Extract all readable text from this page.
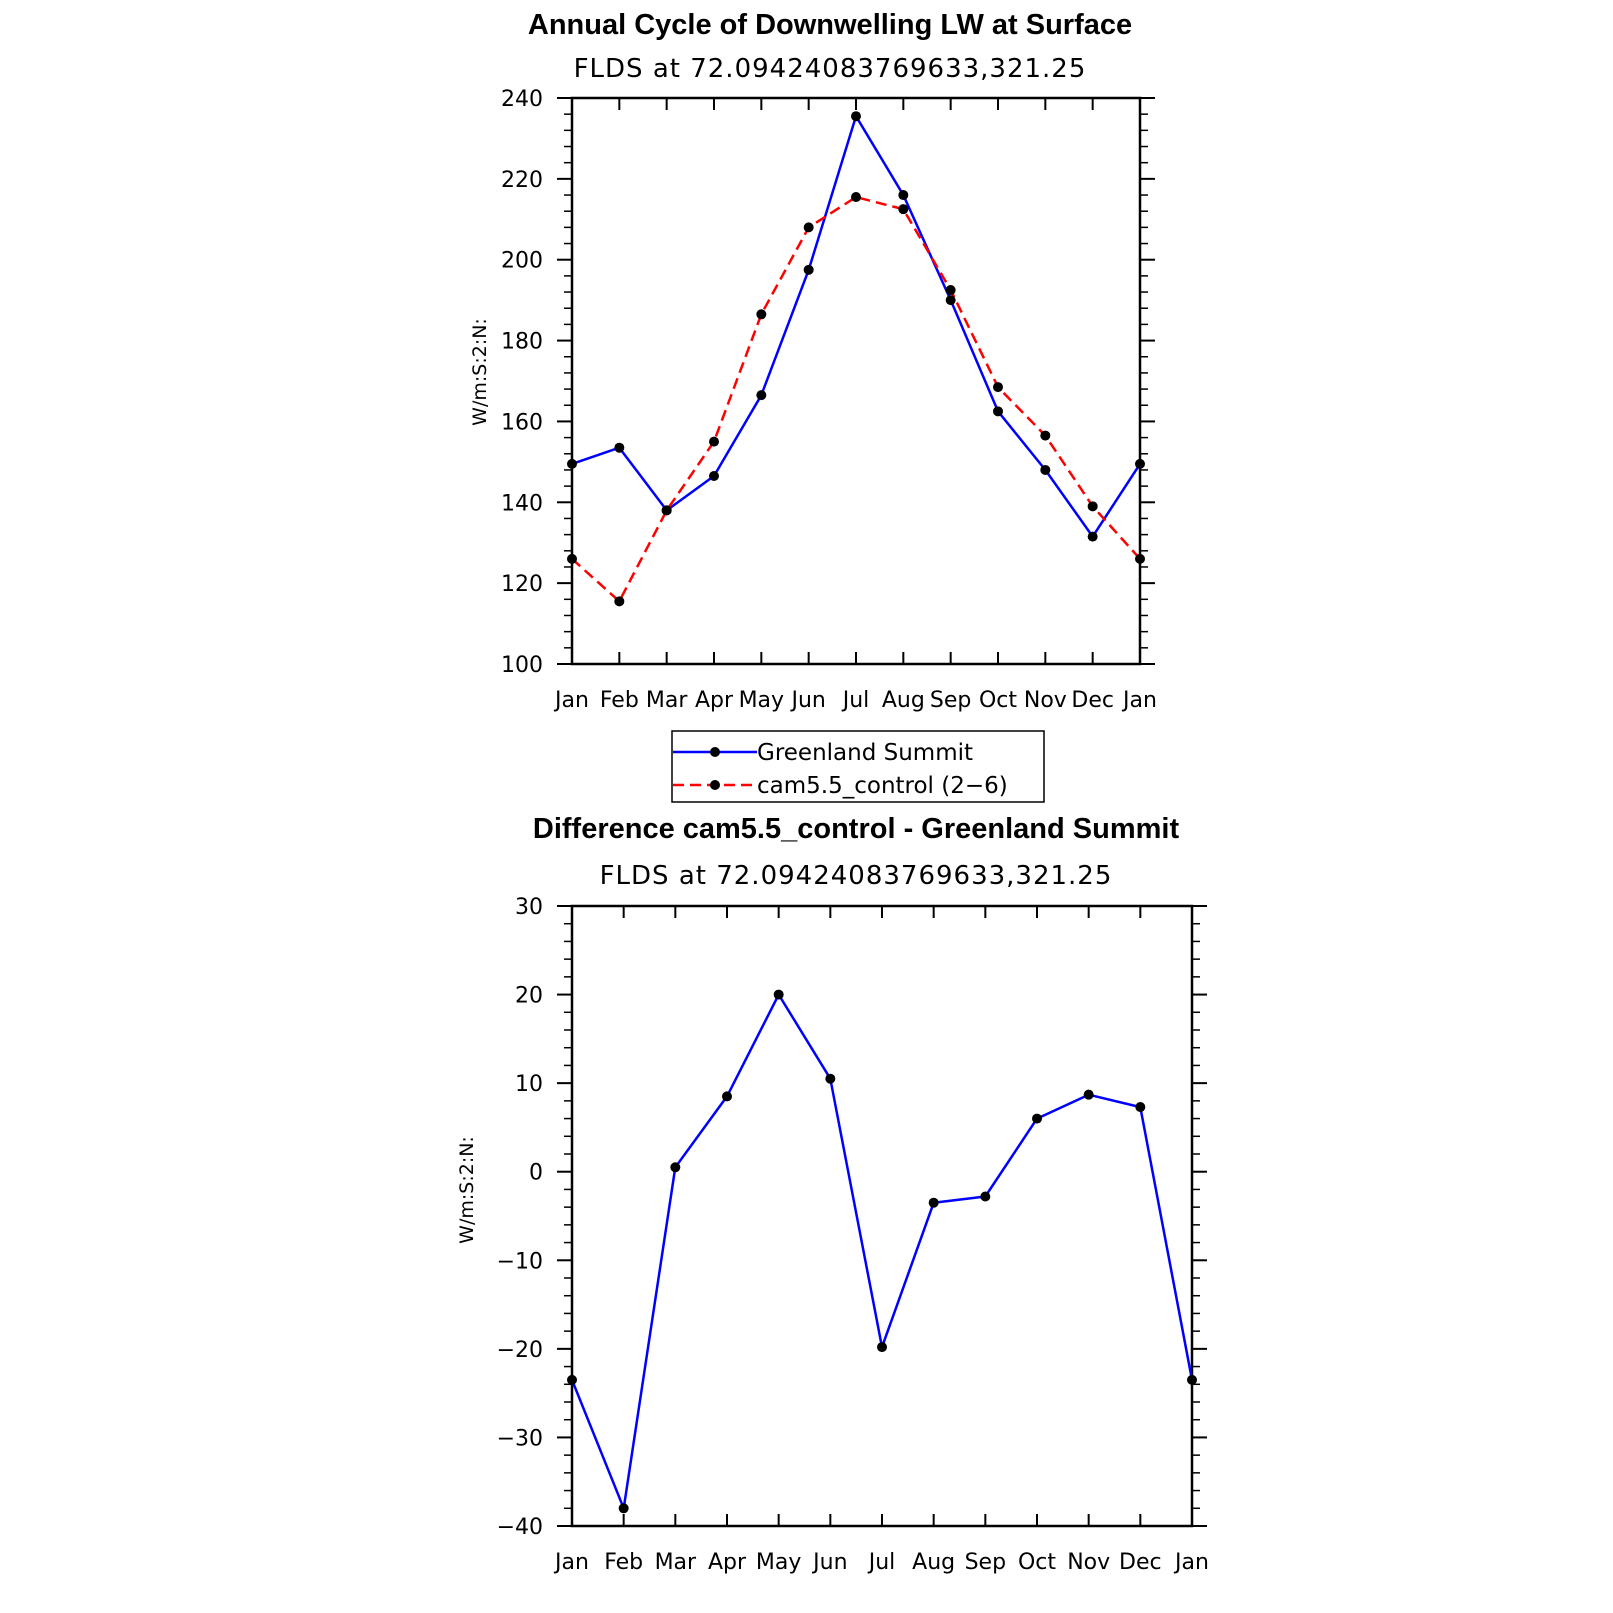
Annual Cycle of Downwelling LW at Surface
FLDS at 72.09424083769633,321.25
W/m:S:2:N:
Jan Feb Mar Apr May Jun Jul Aug Sep Oct Nov Dec Jan
100
120
140
160
180
200
220
240
Greenland Summit
cam5.5_control (2−6)
Difference cam5.5_control - Greenland Summit
FLDS at 72.09424083769633,321.25
W/m:S:2:N:
Jan Feb Mar Apr May Jun Jul Aug Sep Oct Nov Dec Jan
−40
−30
−20
−10
0
10
20
30
